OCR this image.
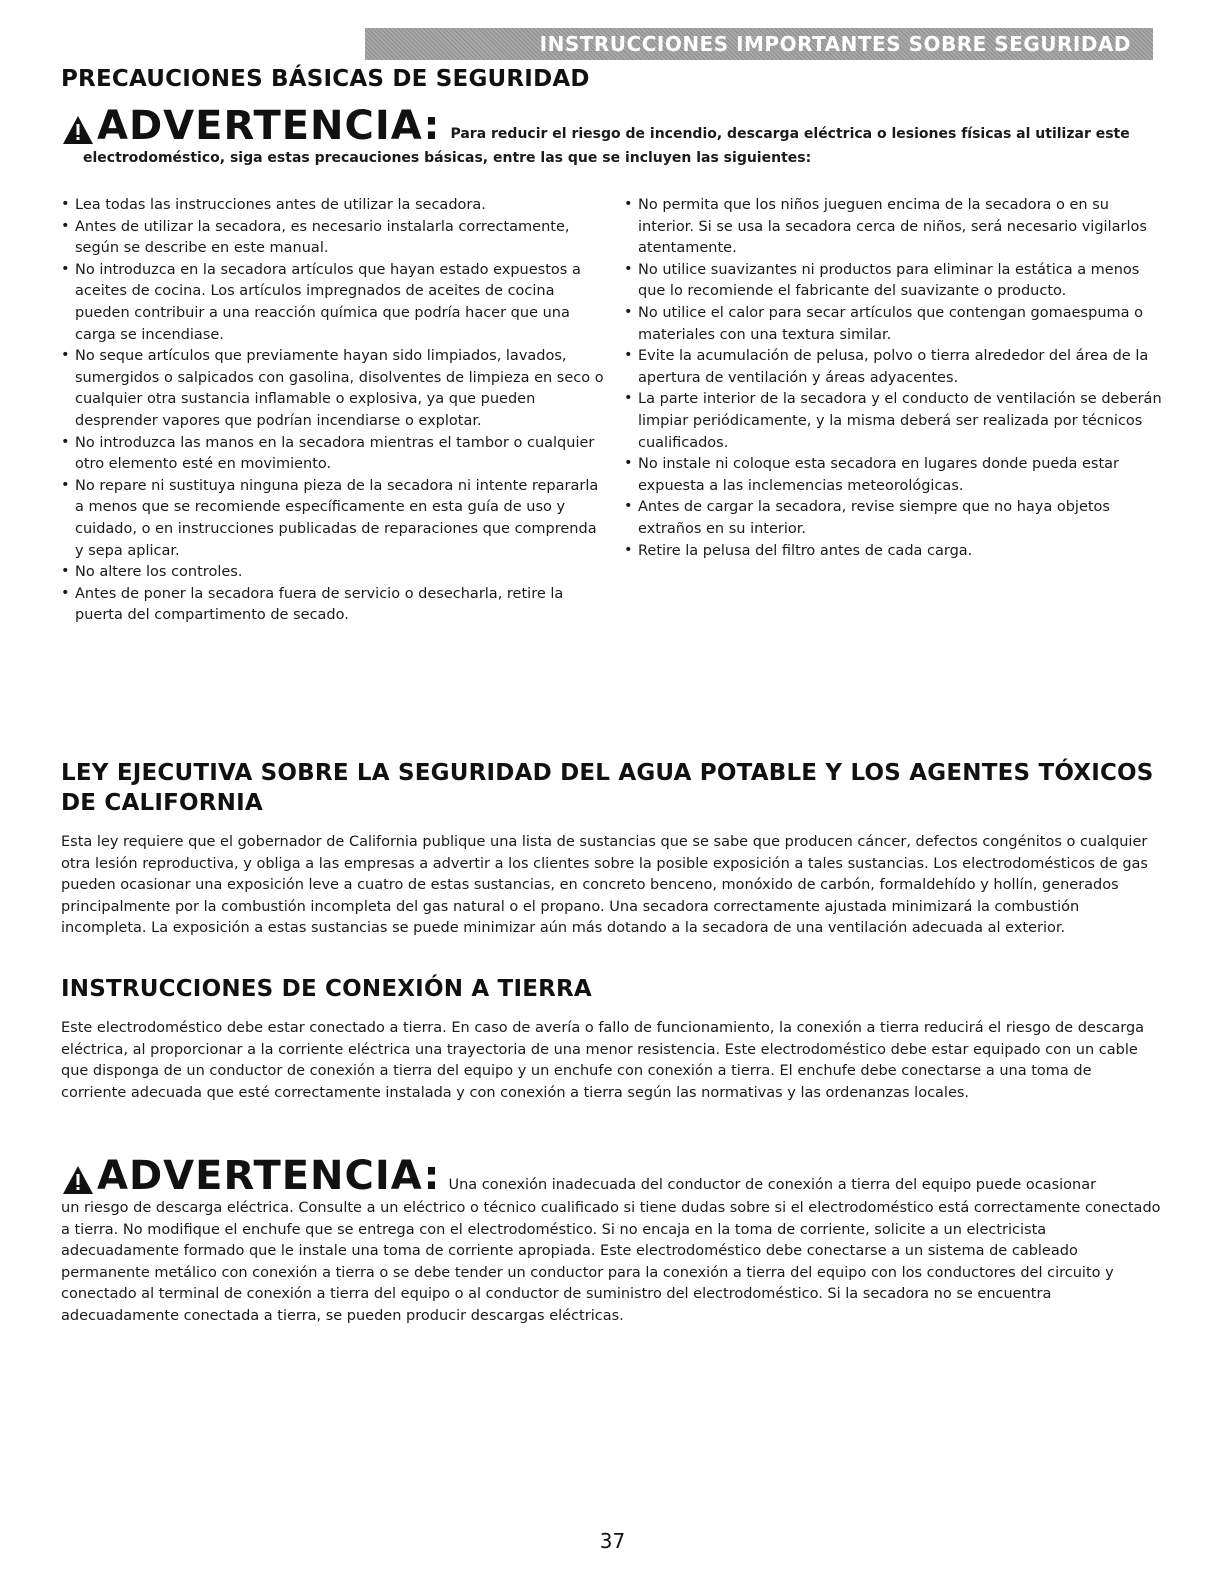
INSTRUCCIONES IMPORTANTES SOBRE SEGURIDAD
PRECAUCIONES BÁSICAS DE SEGURIDAD
ADVERTENCIA: Para reducir el riesgo de incendio, descarga eléctrica o lesiones físicas al utilizar este
electrodoméstico, siga estas precauciones básicas, entre las que se incluyen las siguientes:
• Lea todas las instrucciones antes de utilizar la secadora.
• Antes de utilizar la secadora, es necesario instalarla correctamente, según se describe en este manual.
• No introduzca en la secadora artículos que hayan estado expuestos a aceites de cocina. Los artículos impregnados de aceites de cocina pueden contribuir a una reacción química que podría hacer que una carga se incendiase.
• No seque artículos que previamente hayan sido limpiados, lavados, sumergidos o salpicados con gasolina, disolventes de limpieza en seco o cualquier otra sustancia inflamable o explosiva, ya que pueden desprender vapores que podrían incendiarse o explotar.
• No introduzca las manos en la secadora mientras el tambor o cualquier otro elemento esté en movimiento.
• No repare ni sustituya ninguna pieza de la secadora ni intente repararla a menos que se recomiende específicamente en esta guía de uso y cuidado, o en instrucciones publicadas de reparaciones que comprenda y sepa aplicar.
• No altere los controles.
• Antes de poner la secadora fuera de servicio o desecharla, retire la puerta del compartimento de secado.
• No permita que los niños jueguen encima de la secadora o en su interior. Si se usa la secadora cerca de niños, será necesario vigilarlos atentamente.
• No utilice suavizantes ni productos para eliminar la estática a menos que lo recomiende el fabricante del suavizante o producto.
• No utilice el calor para secar artículos que contengan gomaespuma o materiales con una textura similar.
• Evite la acumulación de pelusa, polvo o tierra alrededor del área de la apertura de ventilación y áreas adyacentes.
• La parte interior de la secadora y el conducto de ventilación se deberán limpiar periódicamente, y la misma deberá ser realizada por técnicos cualificados.
• No instale ni coloque esta secadora en lugares donde pueda estar expuesta a las inclemencias meteorológicas.
• Antes de cargar la secadora, revise siempre que no haya objetos extraños en su interior.
• Retire la pelusa del filtro antes de cada carga.
LEY EJECUTIVA SOBRE LA SEGURIDAD DEL AGUA POTABLE Y LOS AGENTES TÓXICOS
DE CALIFORNIA
Esta ley requiere que el gobernador de California publique una lista de sustancias que se sabe que producen cáncer, defectos congénitos o cualquier otra lesión reproductiva, y obliga a las empresas a advertir a los clientes sobre la posible exposición a tales sustancias. Los electrodomésticos de gas pueden ocasionar una exposición leve a cuatro de estas sustancias, en concreto benceno, monóxido de carbón, formaldehído y hollín, generados principalmente por la combustión incompleta del gas natural o el propano. Una secadora correctamente ajustada minimizará la combustión incompleta. La exposición a estas sustancias se puede minimizar aún más dotando a la secadora de una ventilación adecuada al exterior.
INSTRUCCIONES DE CONEXIÓN A TIERRA
Este electrodoméstico debe estar conectado a tierra. En caso de avería o fallo de funcionamiento, la conexión a tierra reducirá el riesgo de descarga eléctrica, al proporcionar a la corriente eléctrica una trayectoria de una menor resistencia. Este electrodoméstico debe estar equipado con un cable que disponga de un conductor de conexión a tierra del equipo y un enchufe con conexión a tierra. El enchufe debe conectarse a una toma de corriente adecuada que esté correctamente instalada y con conexión a tierra según las normativas y las ordenanzas locales.
ADVERTENCIA: Una conexión inadecuada del conductor de conexión a tierra del equipo puede ocasionar
un riesgo de descarga eléctrica. Consulte a un eléctrico o técnico cualificado si tiene dudas sobre si el electrodoméstico está correctamente conectado a tierra. No modifique el enchufe que se entrega con el electrodoméstico. Si no encaja en la toma de corriente, solicite a un electricista adecuadamente formado que le instale una toma de corriente apropiada. Este electrodoméstico debe conectarse a un sistema de cableado permanente metálico con conexión a tierra o se debe tender un conductor para la conexión a tierra del equipo con los conductores del circuito y conectado al terminal de conexión a tierra del equipo o al conductor de suministro del electrodoméstico. Si la secadora no se encuentra adecuadamente conectada a tierra, se pueden producir descargas eléctricas.
37
